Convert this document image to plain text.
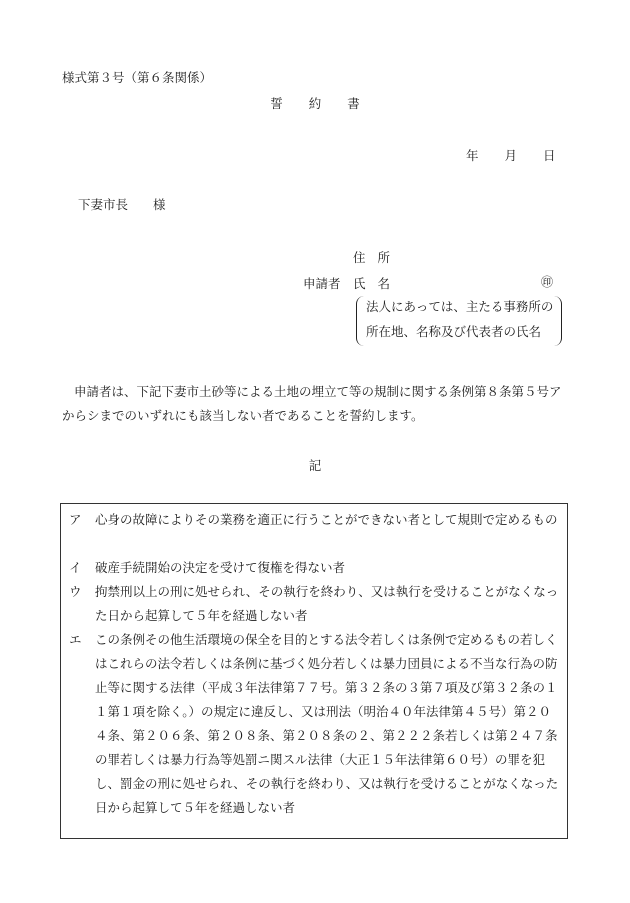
様式第３号（第６条関係）
誓約書
年 月 日
下妻市長　　様
住所
申請者 氏名	㊞
法人にあっては、主たる事務所の
所在地、名称及び代表者の氏名
申請者は、下記下妻市土砂等による土地の埋立て等の規制に関する条例第８条第５号アからシまでのいずれにも該当しない者であることを誓約します。
記
ア	心身の故障によりその業務を適正に行うことができない者として規則で定めるもの
イ	破産手続開始の決定を受けて復権を得ない者
ウ	拘禁刑以上の刑に処せられ、その執行を終わり、又は執行を受けることがなくなった日から起算して５年を経過しない者
エ	この条例その他生活環境の保全を目的とする法令若しくは条例で定めるもの若しくはこれらの法令若しくは条例に基づく処分若しくは暴力団員による不当な行為の防止等に関する法律（平成３年法律第７７号。第３２条の３第７項及び第３２条の１１第１項を除く。）の規定に違反し、又は刑法（明治４０年法律第４５号）第２０４条、第２０６条、第２０８条、第２０８条の２、第２２２条若しくは第２４７条の罪若しくは暴力行為等処罰ニ関スル法律（大正１５年法律第６０号）の罪を犯し、罰金の刑に処せられ、その執行を終わり、又は執行を受けることがなくなった日から起算して５年を経過しない者
